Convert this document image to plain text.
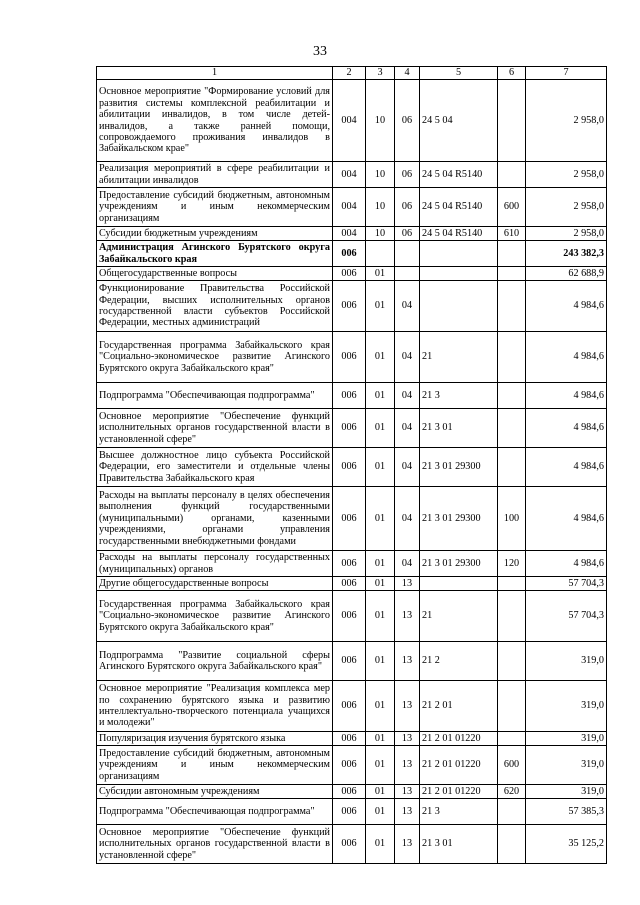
33
1	2	3	4	5	6	7
Основное мероприятие "Формирование условий для развития системы комплексной реабилитации и абилитации инвалидов, в том числе детей-инвалидов, а также ранней помощи, сопровождаемого проживания инвалидов в Забайкальском крае"	004	10	06	24 5 04		2 958,0
Реализация мероприятий в сфере реабилитации и абилитации инвалидов	004	10	06	24 5 04 R5140		2 958,0
Предоставление субсидий бюджетным, автономным учреждениям и иным некоммерческим организациям	004	10	06	24 5 04 R5140	600	2 958,0
Субсидии бюджетным учреждениям	004	10	06	24 5 04 R5140	610	2 958,0
Администрация Агинского Бурятского округа Забайкальского края	006					243 382,3
Общегосударственные вопросы	006	01				62 688,9
Функционирование Правительства Российской Федерации, высших исполнительных органов государственной власти субъектов Российской Федерации, местных администраций	006	01	04			4 984,6
Государственная программа Забайкальского края "Социально-экономическое развитие Агинского Бурятского округа Забайкальского края"	006	01	04	21		4 984,6
Подпрограмма "Обеспечивающая подпрограмма"	006	01	04	21 3		4 984,6
Основное мероприятие "Обеспечение функций исполнительных органов государственной власти в установленной сфере"	006	01	04	21 3 01		4 984,6
Высшее должностное лицо субъекта Российской Федерации, его заместители и отдельные члены Правительства Забайкальского края	006	01	04	21 3 01 29300		4 984,6
Расходы на выплаты персоналу в целях обеспечения выполнения функций государственными (муниципальными) органами, казенными учреждениями, органами управления государственными внебюджетными фондами	006	01	04	21 3 01 29300	100	4 984,6
Расходы на выплаты персоналу государственных (муниципальных) органов	006	01	04	21 3 01 29300	120	4 984,6
Другие общегосударственные вопросы	006	01	13			57 704,3
Государственная программа Забайкальского края "Социально-экономическое развитие Агинского Бурятского округа Забайкальского края"	006	01	13	21		57 704,3
Подпрограмма "Развитие социальной сферы Агинского Бурятского округа Забайкальского края"	006	01	13	21 2		319,0
Основное мероприятие "Реализация комплекса мер по сохранению бурятского языка и развитию интеллектуально-творческого потенциала учащихся и молодежи"	006	01	13	21 2 01		319,0
Популяризация изучения бурятского языка	006	01	13	21 2 01 01220		319,0
Предоставление субсидий бюджетным, автономным учреждениям и иным некоммерческим организациям	006	01	13	21 2 01 01220	600	319,0
Субсидии автономным учреждениям	006	01	13	21 2 01 01220	620	319,0
Подпрограмма "Обеспечивающая подпрограмма"	006	01	13	21 3		57 385,3
Основное мероприятие "Обеспечение функций исполнительных органов государственной власти в установленной сфере"	006	01	13	21 3 01		35 125,2
